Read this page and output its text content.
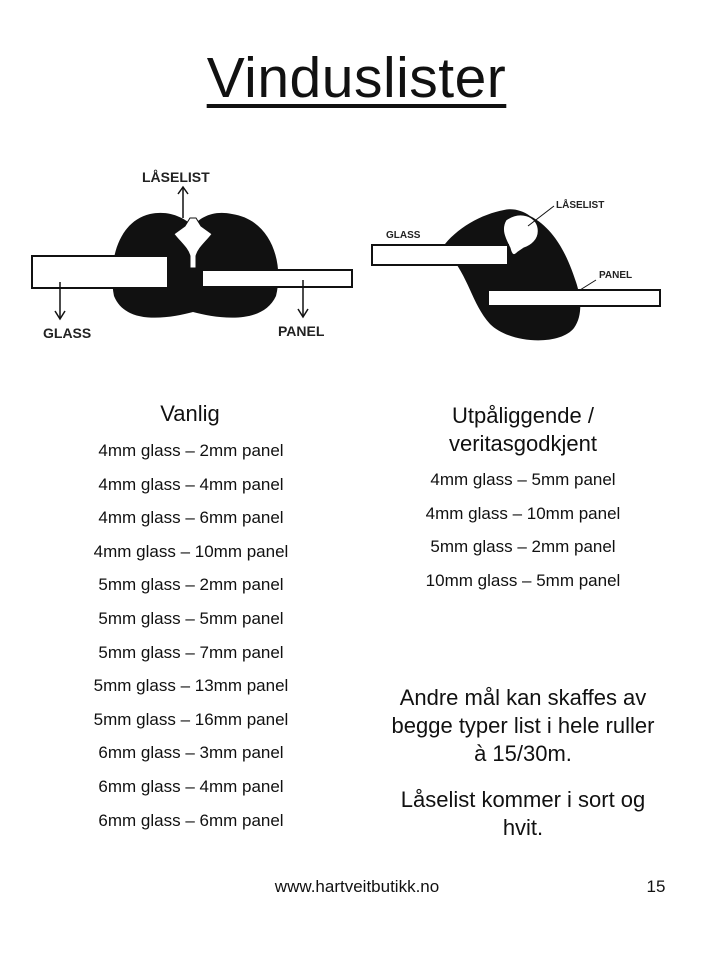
Vinduslister
LÅSELIST
GLASS	PANEL
LÅSELIST
GLASS
PANEL
Vanlig
4mm glass – 2mm panel
4mm glass – 4mm panel
4mm glass – 6mm panel
4mm glass – 10mm panel
5mm glass – 2mm panel
5mm glass – 5mm panel
5mm glass – 7mm panel
5mm glass – 13mm panel
5mm glass – 16mm panel
6mm glass – 3mm panel
6mm glass – 4mm panel
6mm glass – 6mm panel
Utpåliggende /
veritasgodkjent
4mm glass – 5mm panel
4mm glass – 10mm panel
5mm glass – 2mm panel
10mm glass – 5mm panel
Andre mål kan skaffes av
begge typer list i hele ruller
à 15/30m.
Låselist kommer i sort og
hvit.
www.hartveitbutikk.no	15
